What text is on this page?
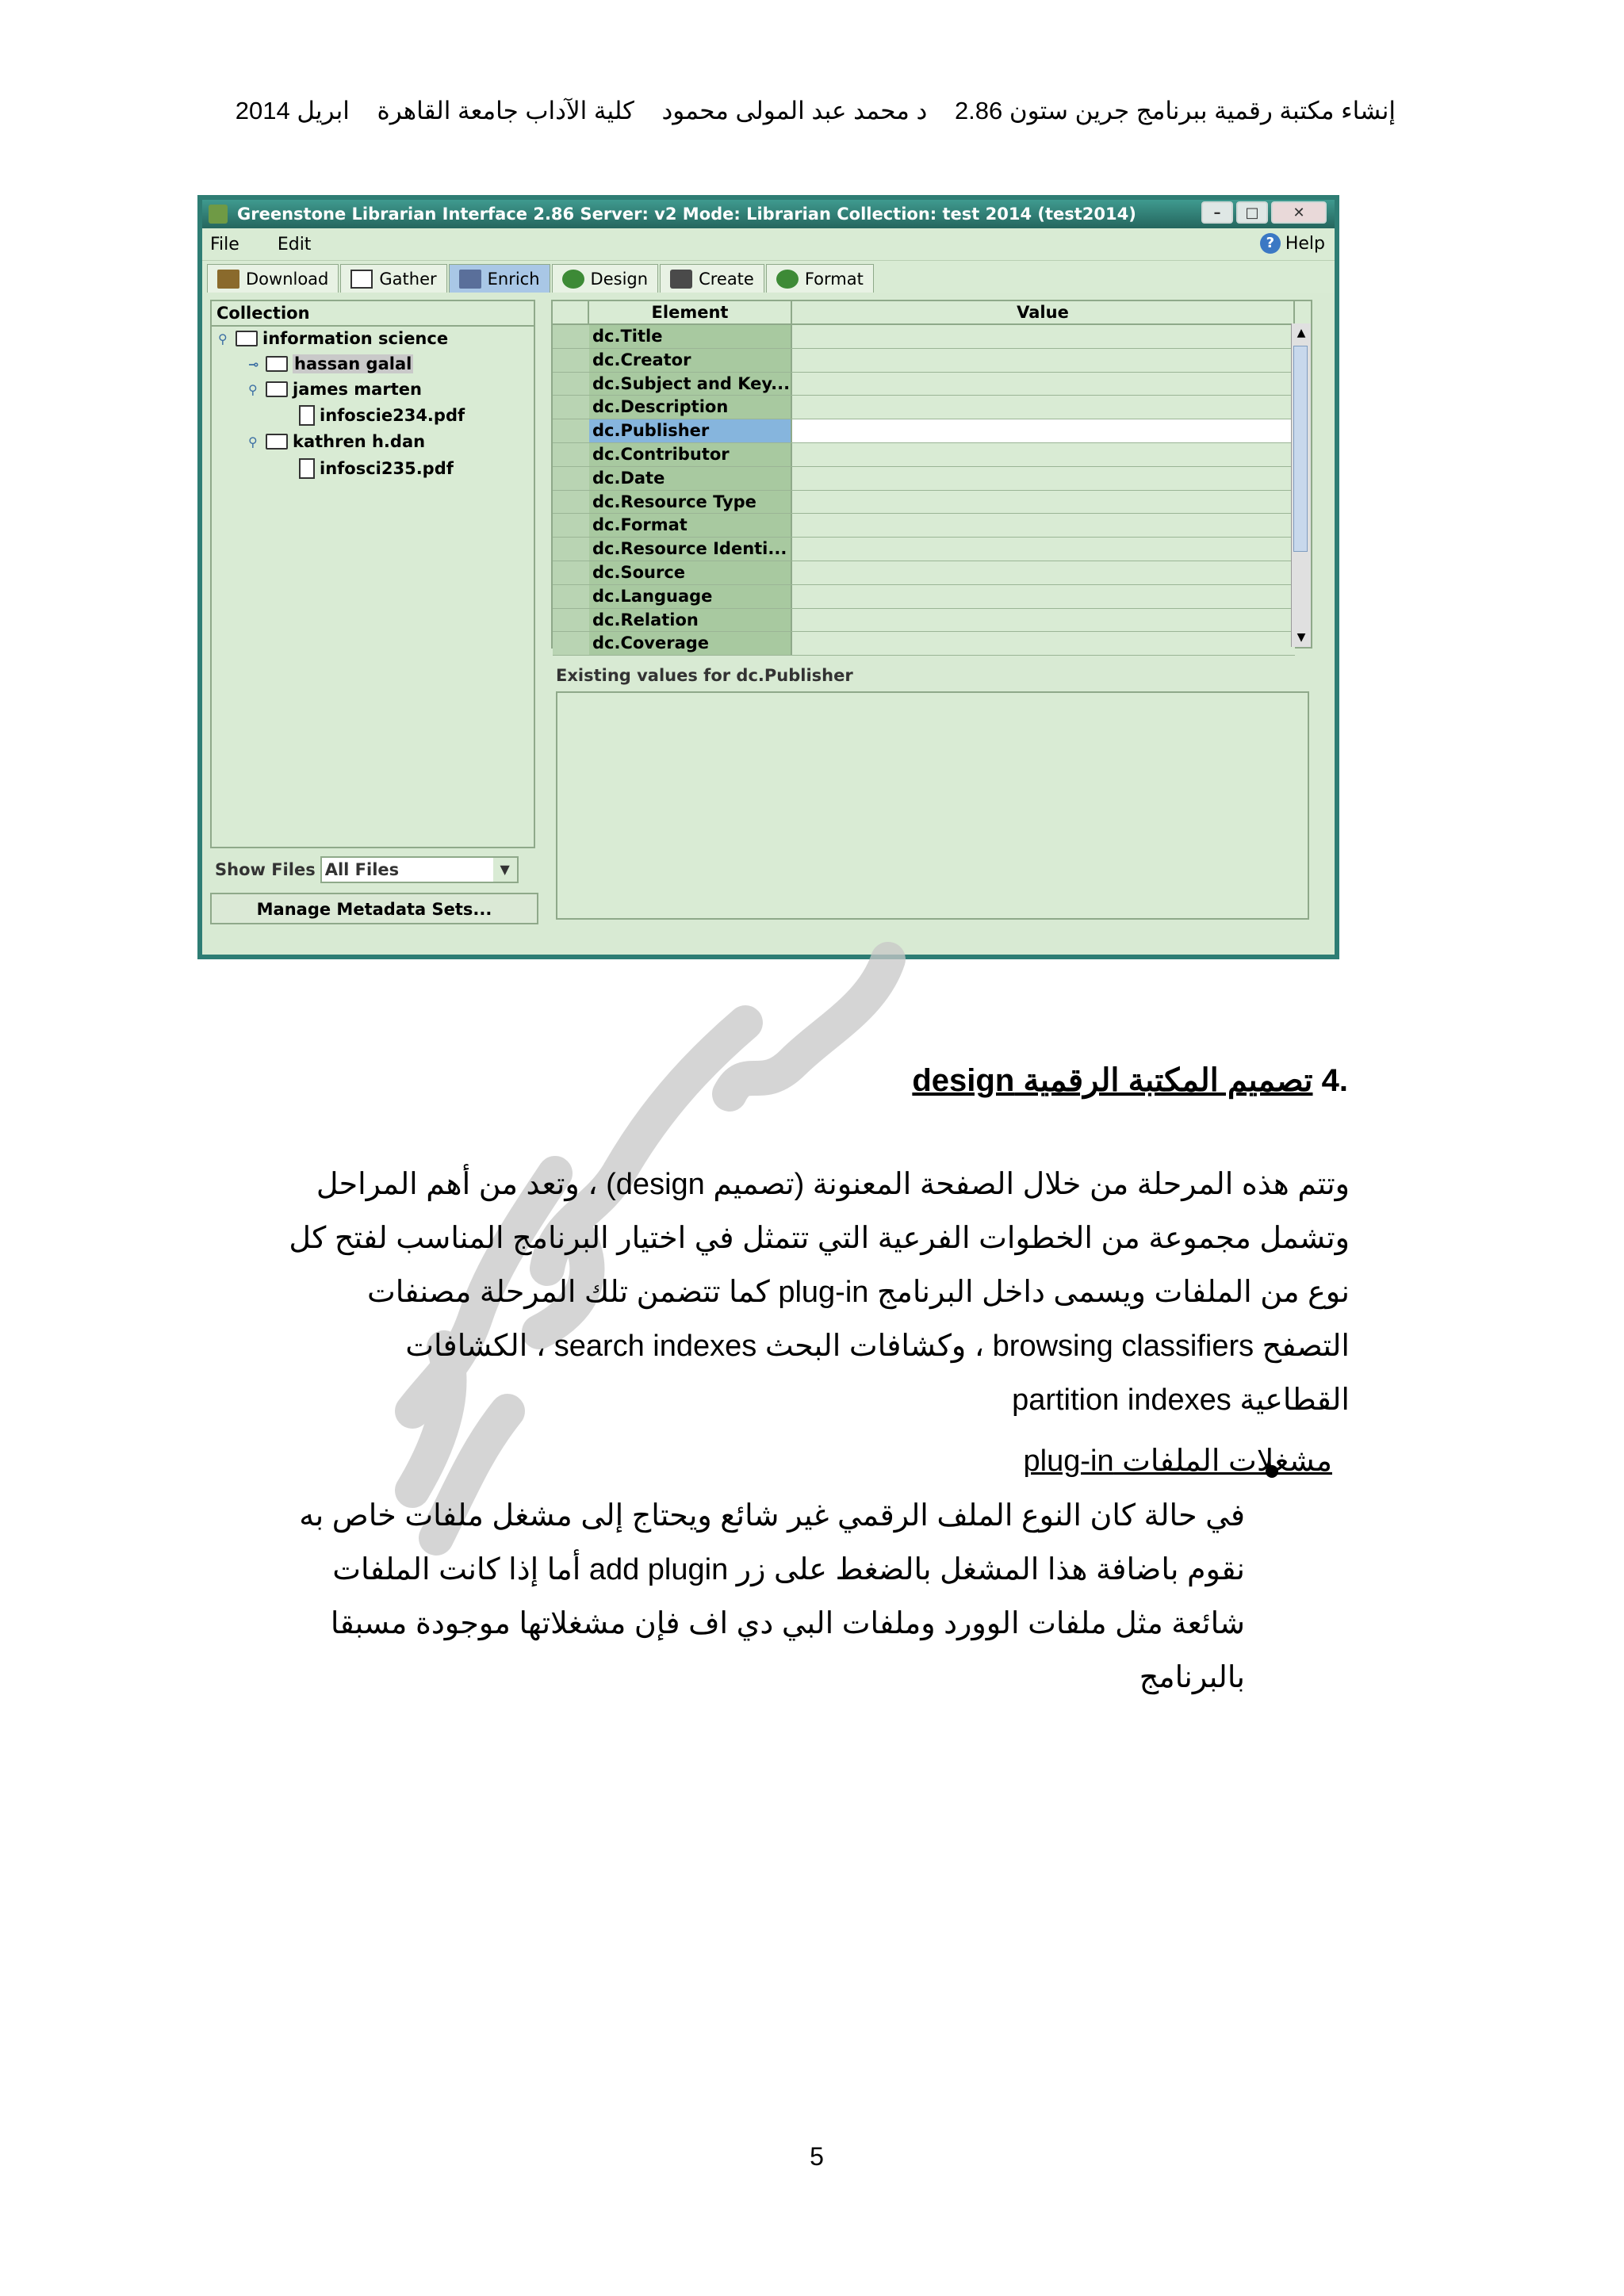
إنشاء مكتبة رقمية ببرنامج جرين ستون 2.86 د محمد عبد المولى محمود كلية الآداب جامعة القاهرة ابريل 2014
Greenstone Librarian Interface 2.86 Server: v2 Mode: Librarian Collection: test 2014 (test2014)	–	□	✕
File Edit	? Help
Download	Gather	Enrich	Design	Create	Format
Collection
⚲ information science
⊸ hassan galal
⚲ james marten
infoscie234.pdf
⚲ kathren h.dan
infosci235.pdf
Show Files All Files	▼
Manage Metadata Sets...
Element	Value
dc.Title
dc.Creator
dc.Subject and Key...
dc.Description
dc.Publisher
dc.Contributor
dc.Date
dc.Resource Type
dc.Format
dc.Resource Identi...
dc.Source
dc.Language
dc.Relation
dc.Coverage
▲
▼
Existing values for dc.Publisher
.4 تصميم المكتبة الرقمية design
وتتم هذه المرحلة من خلال الصفحة المعنونة (تصميم design) ، وتعد من أهم المراحل
وتشمل مجموعة من الخطوات الفرعية التي تتمثل في اختيار البرنامج المناسب لفتح كل
نوع من الملفات ويسمى داخل البرنامج plug-in كما تتضمن تلك المرحلة مصنفات
التصفح browsing classifiers ، وكشافات البحث search indexes ، الكشافات
القطاعية partition indexes
مشغلات الملفات plug-in
في حالة كان النوع الملف الرقمي غير شائع ويحتاج إلى مشغل ملفات خاص به
نقوم باضافة هذا المشغل بالضغط على زر add plugin أما إذا كانت الملفات
شائعة مثل ملفات الوورد وملفات البي دي اف فإن مشغلاتها موجودة مسبقا
بالبرنامج
5
